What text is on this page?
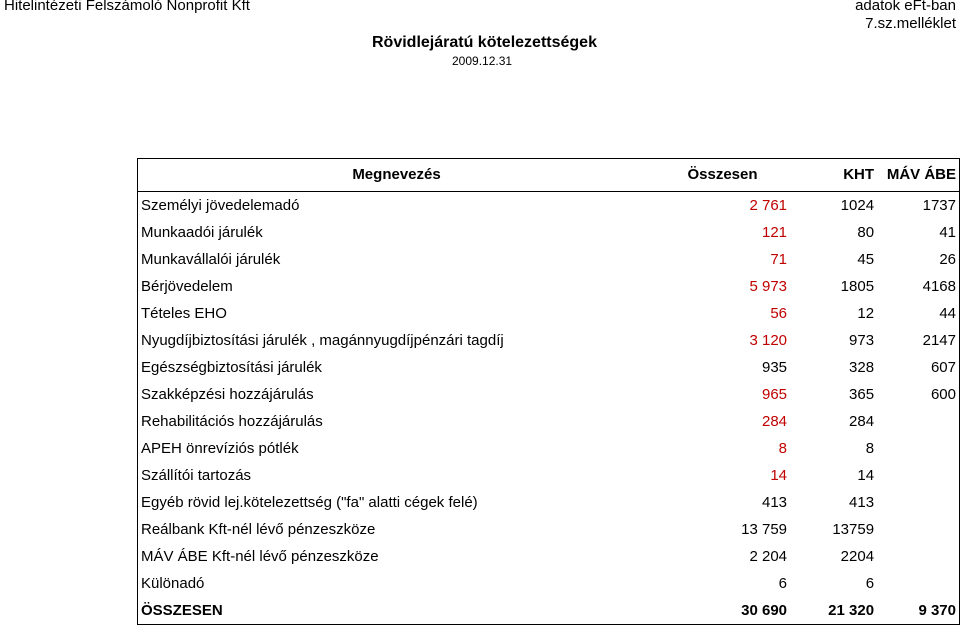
Hitelintézeti Felszámoló Nonprofit Kft	adatok eFt-ban
7.sz.melléklet
Rövidlejáratú kötelezettségek
2009.12.31
Megnevezés	Összesen	KHT	MÁV ÁBE
Személyi jövedelemadó	2 761	1024	1737
Munkaadói járulék	121	80	41
Munkavállalói járulék	71	45	26
Bérjövedelem	5 973	1805	4168
Tételes EHO	56	12	44
Nyugdíjbiztosítási járulék , magánnyugdíjpénzári tagdíj	3 120	973	2147
Egészségbiztosítási járulék	935	328	607
Szakképzési hozzájárulás	965	365	600
Rehabilitációs hozzájárulás	284	284	
APEH önrevíziós pótlék	8	8	
Szállítói tartozás	14	14	
Egyéb rövid lej.kötelezettség ("fa" alatti cégek felé)	413	413	
Reálbank Kft-nél lévő pénzeszköze	13 759	13759	
MÁV ÁBE Kft-nél lévő pénzeszköze	2 204	2204	
Különadó	6	6	
ÖSSZESEN	30 690	21 320	9 370
